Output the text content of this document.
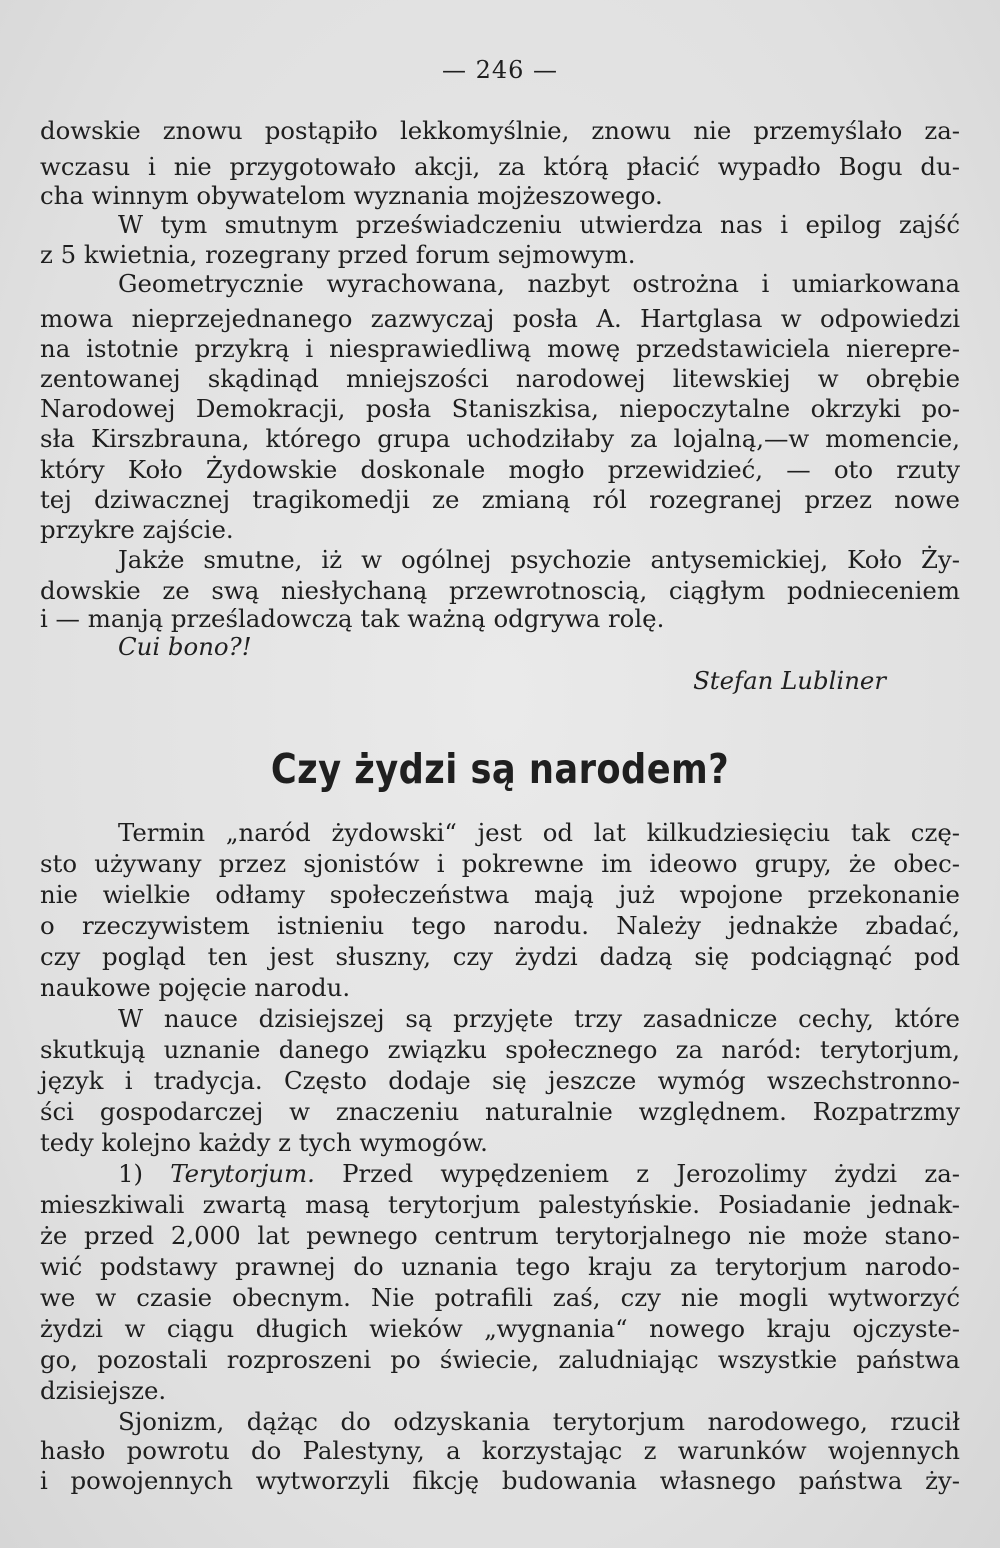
— 246 —
dowskie znowu postąpiło lekkomyślnie, znowu nie przemyślało za-
wczasu i nie przygotowało akcji, za którą płacić wypadło Bogu du-
cha winnym obywatelom wyznania mojżeszowego.
W tym smutnym przeświadczeniu utwierdza nas i epilog zajść
z 5 kwietnia, rozegrany przed forum sejmowym.
Geometrycznie wyrachowana, nazbyt ostrożna i umiarkowana
mowa nieprzejednanego zazwyczaj posła A. Hartglasa w odpowiedzi
na istotnie przykrą i niesprawiedliwą mowę przedstawiciela nierepre-
zentowanej skądinąd mniejszości narodowej litewskiej w obrębie
Narodowej Demokracji, posła Staniszkisa, niepoczytalne okrzyki po-
sła Kirszbrauna, którego grupa uchodziłaby za lojalną,—w momencie,
który Koło Żydowskie doskonale mogło przewidzieć, — oto rzuty
tej dziwacznej tragikomedji ze zmianą ról rozegranej przez nowe
przykre zajście.
Jakże smutne, iż w ogólnej psychozie antysemickiej, Koło Ży-
dowskie ze swą niesłychaną przewrotnoscią, ciągłym podnieceniem
i — manją prześladowczą tak ważną odgrywa rolę.
Cui bono?!
Stefan Lubliner
Czy żydzi są narodem?
Termin „naród żydowski“ jest od lat kilkudziesięciu tak czę-
sto używany przez sjonistów i pokrewne im ideowo grupy, że obec-
nie wielkie odłamy społeczeństwa mają już wpojone przekonanie
o rzeczywistem istnieniu tego narodu. Należy jednakże zbadać,
czy pogląd ten jest słuszny, czy żydzi dadzą się podciągnąć pod
naukowe pojęcie narodu.
W nauce dzisiejszej są przyjęte trzy zasadnicze cechy, które
skutkują uznanie danego związku społecznego za naród: terytorjum,
język i tradycja. Często dodaje się jeszcze wymóg wszechstronno-
ści gospodarczej w znaczeniu naturalnie względnem. Rozpatrzmy
tedy kolejno każdy z tych wymogów.
1) Terytorjum. Przed wypędzeniem z Jerozolimy żydzi za-
mieszkiwali zwartą masą terytorjum palestyńskie. Posiadanie jednak-
że przed 2,000 lat pewnego centrum terytorjalnego nie może stano-
wić podstawy prawnej do uznania tego kraju za terytorjum narodo-
we w czasie obecnym. Nie potrafili zaś, czy nie mogli wytworzyć
żydzi w ciągu długich wieków „wygnania“ nowego kraju ojczyste-
go, pozostali rozproszeni po świecie, zaludniając wszystkie państwa
dzisiejsze.
Sjonizm, dążąc do odzyskania terytorjum narodowego, rzucił
hasło powrotu do Palestyny, a korzystając z warunków wojennych
i powojennych wytworzyli fikcję budowania własnego państwa ży-
